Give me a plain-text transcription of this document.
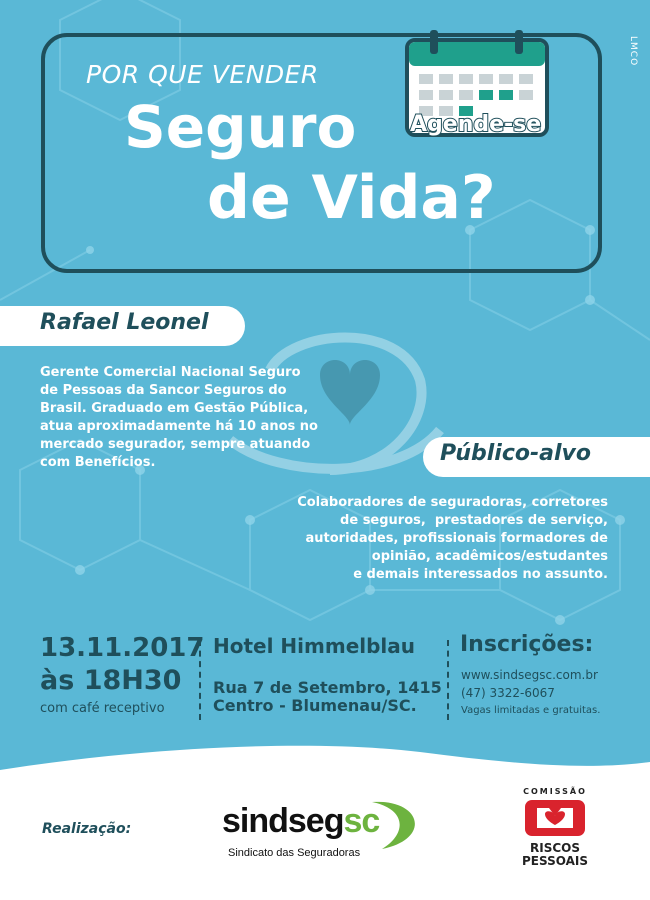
LMCO
POR QUE VENDER
Seguro
de Vida?
Agende-se
Rafael Leonel
Gerente Comercial Nacional Seguro
de Pessoas da Sancor Seguros do
Brasil. Graduado em Gestão Pública,
atua aproximadamente há 10 anos no
mercado segurador, sempre atuando
com Benefícios.	Público-alvo
Colaboradores de seguradoras, corretores
de seguros,  prestadores de serviço,
autoridades, profissionais formadores de
opinião, acadêmicos/estudantes
e demais interessados no assunto.
13.11.2017
às 18H30
com café receptivo
Hotel Himmelblau
Rua 7 de Setembro, 1415
Centro - Blumenau/SC.
Inscrições:
www.sindsegsc.com.br
(47) 3322-6067
Vagas limitadas e gratuitas.
Realização:	sindsegsc
Sindicato das Seguradoras
COMISSÃO
RISCOS
PESSOAIS
